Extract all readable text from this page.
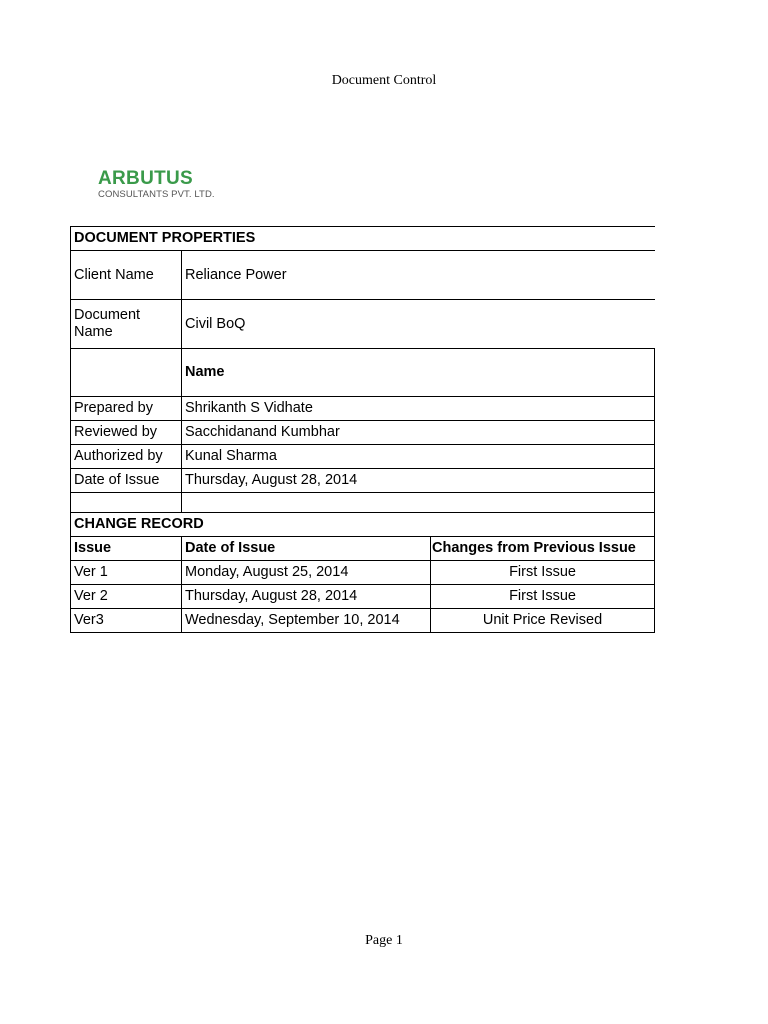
Document Control
ARBUTUS
CONSULTANTS PVT. LTD.
DOCUMENT PROPERTIES		
Client Name	Reliance Power	
Document Name	Civil BoQ	
	Name	
Prepared by	Shrikanth S Vidhate	
Reviewed by	Sacchidanand Kumbhar	
Authorized by	Kunal Sharma	
Date of Issue	Thursday, August 28, 2014	

CHANGE RECORD		
Issue	Date of Issue	Changes from Previous Issue
Ver 1	Monday, August 25, 2014	First Issue
Ver 2	Thursday, August 28, 2014	First Issue
Ver3	Wednesday, September 10, 2014	Unit Price Revised
Page 1
